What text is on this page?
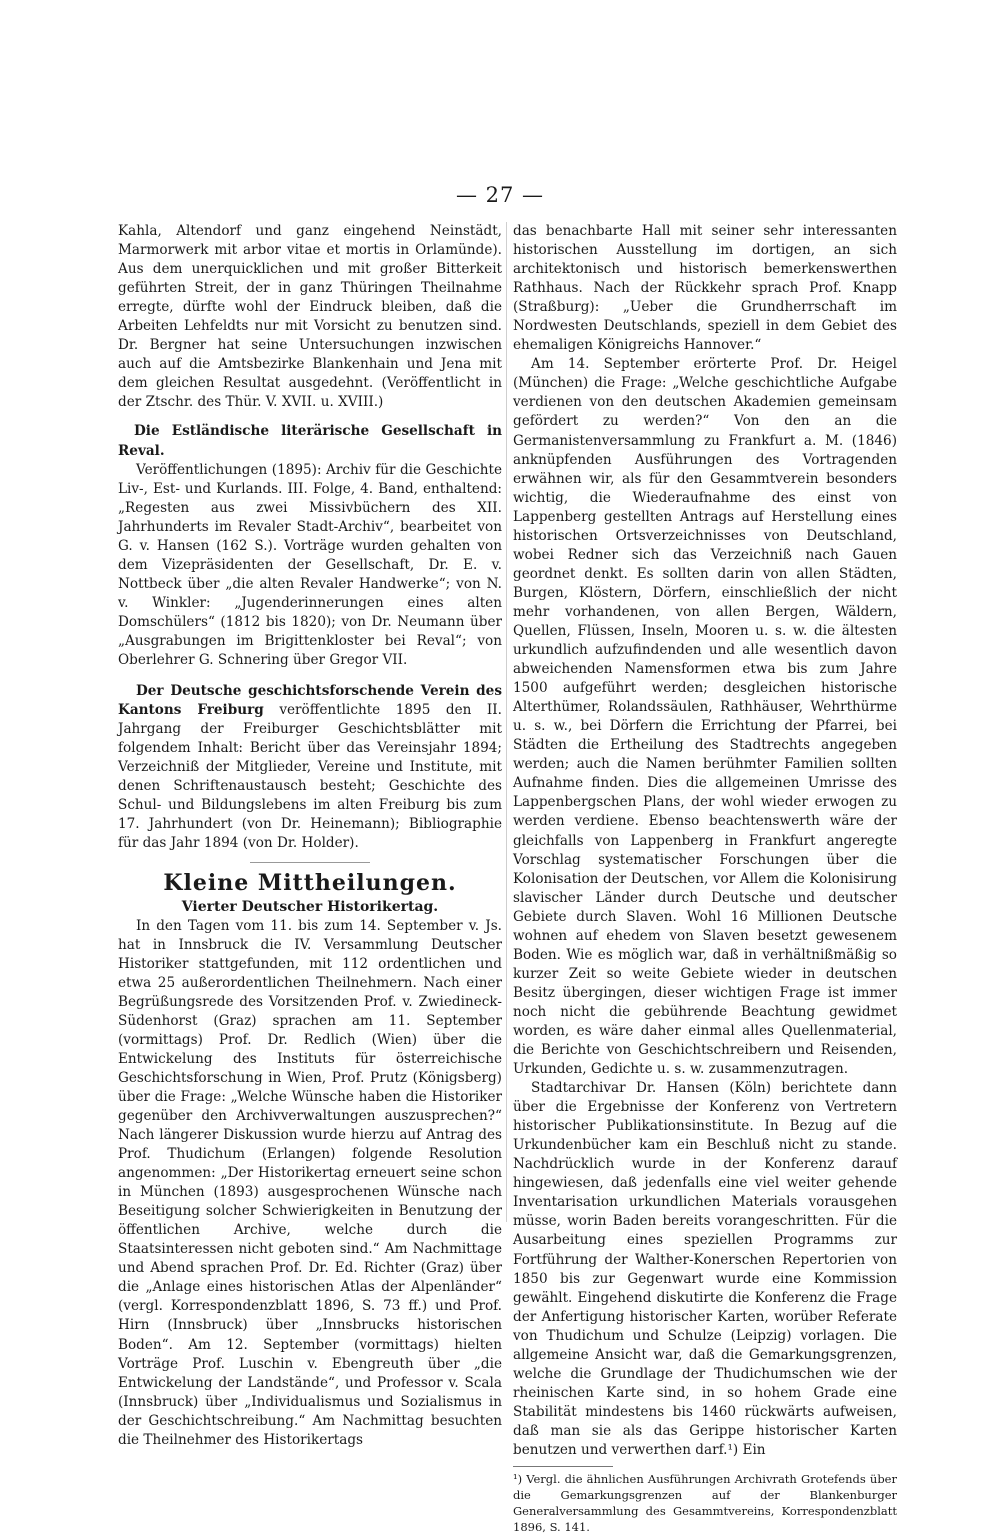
— 27 —

Kahla, Altendorf und ganz eingehend Neinstädt, Marmorwerk mit arbor vitae et mortis in Orlamünde). Aus dem unerquicklichen und mit großer Bitterkeit geführten Streit, der in ganz Thüringen Theilnahme erregte, dürfte wohl der Eindruck bleiben, daß die Arbeiten Lehfeldts nur mit Vorsicht zu benutzen sind. Dr. Bergner hat seine Untersuchungen inzwischen auch auf die Amtsbezirke Blankenhain und Jena mit dem gleichen Resultat ausgedehnt. (Veröffentlicht in der Ztschr. des Thür. V. XVII. u. XVIII.)

Die Estländische literärische Gesellschaft in Reval.

Veröffentlichungen (1895): Archiv für die Geschichte Liv-, Est- und Kurlands. III. Folge, 4. Band, enthaltend: „Regesten aus zwei Missivbüchern des XII. Jahrhunderts im Revaler Stadt-Archiv“, bearbeitet von G. v. Hansen (162 S.). Vorträge wurden gehalten von dem Vizepräsidenten der Gesellschaft, Dr. E. v. Nottbeck über „die alten Revaler Handwerke“; von N. v. Winkler: „Jugenderinnerungen eines alten Domschülers“ (1812 bis 1820); von Dr. Neumann über „Ausgrabungen im Brigittenkloster bei Reval“; von Oberlehrer G. Schnering über Gregor VII.

Der Deutsche geschichtsforschende Verein des Kantons Freiburg veröffentlichte 1895 den II. Jahrgang der Freiburger Geschichtsblätter mit folgendem Inhalt: Bericht über das Vereinsjahr 1894; Verzeichniß der Mitglieder, Vereine und Institute, mit denen Schriftenaustausch besteht; Geschichte des Schul- und Bildungslebens im alten Freiburg bis zum 17. Jahrhundert (von Dr. Heinemann); Bibliographie für das Jahr 1894 (von Dr. Holder).

Kleine Mittheilungen.
Vierter Deutscher Historikertag.

In den Tagen vom 11. bis zum 14. September v. Js. hat in Innsbruck die IV. Versammlung Deutscher Historiker stattgefunden, mit 112 ordentlichen und etwa 25 außerordentlichen Theilnehmern. Nach einer Begrüßungsrede des Vorsitzenden Prof. v. Zwiedineck-Südenhorst (Graz) sprachen am 11. September (vormittags) Prof. Dr. Redlich (Wien) über die Entwickelung des Instituts für österreichische Geschichtsforschung in Wien, Prof. Prutz (Königsberg) über die Frage: „Welche Wünsche haben die Historiker gegenüber den Archivverwaltungen auszusprechen?“ Nach längerer Diskussion wurde hierzu auf Antrag des Prof. Thudichum (Erlangen) folgende Resolution angenommen: „Der Historikertag erneuert seine schon in München (1893) ausgesprochenen Wünsche nach Beseitigung solcher Schwierigkeiten in Benutzung der öffentlichen Archive, welche durch die Staatsinteressen nicht geboten sind.“ Am Nachmittage und Abend sprachen Prof. Dr. Ed. Richter (Graz) über die „Anlage eines historischen Atlas der Alpenländer“ (vergl. Korrespondenzblatt 1896, S. 73 ff.) und Prof. Hirn (Innsbruck) über „Innsbrucks historischen Boden“. Am 12. September (vormittags) hielten Vorträge Prof. Luschin v. Ebengreuth über „die Entwickelung der Landstände“, und Professor v. Scala (Innsbruck) über „Individualismus und Sozialismus in der Geschichtschreibung.“ Am Nachmittag besuchten die Theilnehmer des Historikertags

das benachbarte Hall mit seiner sehr interessanten historischen Ausstellung im dortigen, an sich architektonisch und historisch bemerkenswerthen Rathhaus. Nach der Rückkehr sprach Prof. Knapp (Straßburg): „Ueber die Grundherrschaft im Nordwesten Deutschlands, speziell in dem Gebiet des ehemaligen Königreichs Hannover.“

Am 14. September erörterte Prof. Dr. Heigel (München) die Frage: „Welche geschichtliche Aufgabe verdienen von den deutschen Akademien gemeinsam gefördert zu werden?“ Von den an die Germanistenversammlung zu Frankfurt a. M. (1846) anknüpfenden Ausführungen des Vortragenden erwähnen wir, als für den Gesammtverein besonders wichtig, die Wiederaufnahme des einst von Lappenberg gestellten Antrags auf Herstellung eines historischen Ortsverzeichnisses von Deutschland, wobei Redner sich das Verzeichniß nach Gauen geordnet denkt. Es sollten darin von allen Städten, Burgen, Klöstern, Dörfern, einschließlich der nicht mehr vorhandenen, von allen Bergen, Wäldern, Quellen, Flüssen, Inseln, Mooren u. s. w. die ältesten urkundlich aufzufindenden und alle wesentlich davon abweichenden Namensformen etwa bis zum Jahre 1500 aufgeführt werden; desgleichen historische Alterthümer, Rolandssäulen, Rathhäuser, Wehrthürme u. s. w., bei Dörfern die Errichtung der Pfarrei, bei Städten die Ertheilung des Stadtrechts angegeben werden; auch die Namen berühmter Familien sollten Aufnahme finden. Dies die allgemeinen Umrisse des Lappenbergschen Plans, der wohl wieder erwogen zu werden verdiene. Ebenso beachtenswerth wäre der gleichfalls von Lappenberg in Frankfurt angeregte Vorschlag systematischer Forschungen über die Kolonisation der Deutschen, vor Allem die Kolonisirung slavischer Länder durch Deutsche und deutscher Gebiete durch Slaven. Wohl 16 Millionen Deutsche wohnen auf ehedem von Slaven besetzt gewesenem Boden. Wie es möglich war, daß in verhältnißmäßig so kurzer Zeit so weite Gebiete wieder in deutschen Besitz übergingen, dieser wichtigen Frage ist immer noch nicht die gebührende Beachtung gewidmet worden, es wäre daher einmal alles Quellenmaterial, die Berichte von Geschichtschreibern und Reisenden, Urkunden, Gedichte u. s. w. zusammenzutragen.

Stadtarchivar Dr. Hansen (Köln) berichtete dann über die Ergebnisse der Konferenz von Vertretern historischer Publikationsinstitute. In Bezug auf die Urkundenbücher kam ein Beschluß nicht zu stande. Nachdrücklich wurde in der Konferenz darauf hingewiesen, daß jedenfalls eine viel weiter gehende Inventarisation urkundlichen Materials vorausgehen müsse, worin Baden bereits vorangeschritten. Für die Ausarbeitung eines speziellen Programms zur Fortführung der Walther-Konerschen Repertorien von 1850 bis zur Gegenwart wurde eine Kommission gewählt. Eingehend diskutirte die Konferenz die Frage der Anfertigung historischer Karten, worüber Referate von Thudichum und Schulze (Leipzig) vorlagen. Die allgemeine Ansicht war, daß die Gemarkungsgrenzen, welche die Grundlage der Thudichumschen wie der rheinischen Karte sind, in so hohem Grade eine Stabilität mindestens bis 1460 rückwärts aufweisen, daß man sie als das Gerippe historischer Karten benutzen und verwerthen darf.¹) Ein

¹) Vergl. die ähnlichen Ausführungen Archivrath Grotefends über die Gemarkungsgrenzen auf der Blankenburger Generalversammlung des Gesammtvereins, Korrespondenzblatt 1896, S. 141.
